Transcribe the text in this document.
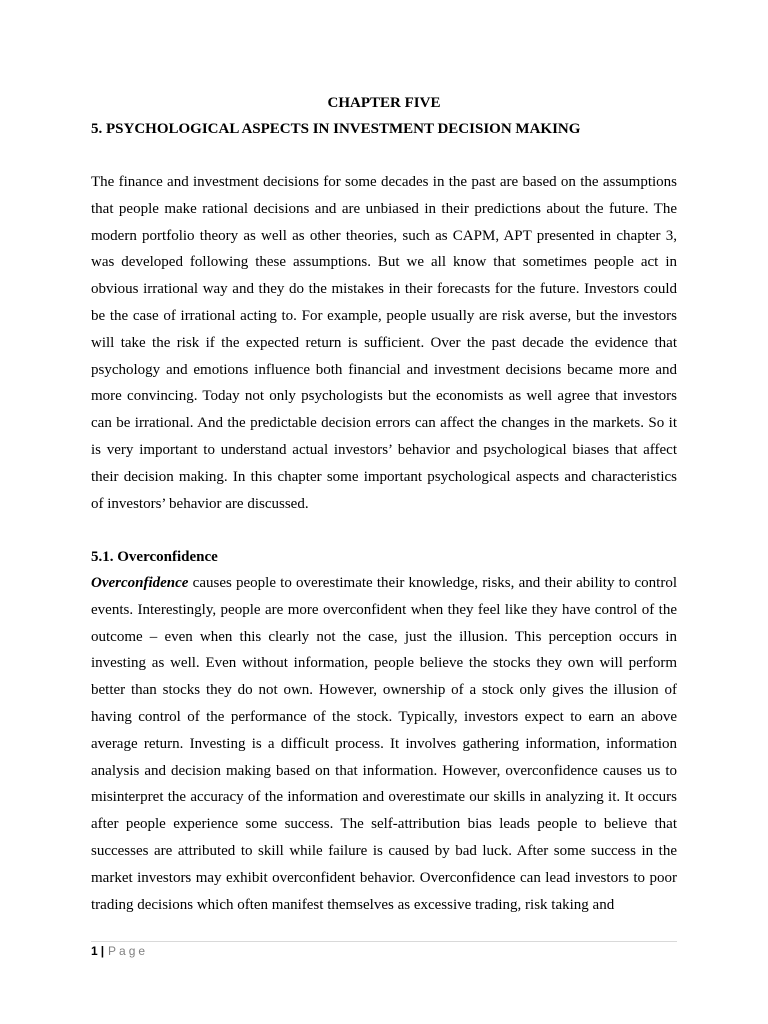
CHAPTER FIVE
5. PSYCHOLOGICAL ASPECTS IN INVESTMENT DECISION MAKING

The finance and investment decisions for some decades in the past are based on the assumptions that people make rational decisions and are unbiased in their predictions about the future. The modern portfolio theory as well as other theories, such as CAPM, APT presented in chapter 3, was developed following these assumptions. But we all know that sometimes people act in obvious irrational way and they do the mistakes in their forecasts for the future. Investors could be the case of irrational acting to. For example, people usually are risk averse, but the investors will take the risk if the expected return is sufficient. Over the past decade the evidence that psychology and emotions influence both financial and investment decisions became more and more convincing. Today not only psychologists but the economists as well agree that investors can be irrational. And the predictable decision errors can affect the changes in the markets. So it is very important to understand actual investors’ behavior and psychological biases that affect their decision making. In this chapter some important psychological aspects and characteristics of investors’ behavior are discussed.

5.1. Overconfidence

Overconfidence causes people to overestimate their knowledge, risks, and their ability to control events. Interestingly, people are more overconfident when they feel like they have control of the outcome – even when this clearly not the case, just the illusion. This perception occurs in investing as well. Even without information, people believe the stocks they own will perform better than stocks they do not own. However, ownership of a stock only gives the illusion of having control of the performance of the stock. Typically, investors expect to earn an above average return. Investing is a difficult process. It involves gathering information, information analysis and decision making based on that information. However, overconfidence causes us to misinterpret the accuracy of the information and overestimate our skills in analyzing it. It occurs after people experience some success. The self-attribution bias leads people to believe that successes are attributed to skill while failure is caused by bad luck. After some success in the market investors may exhibit overconfident behavior. Overconfidence can lead investors to poor trading decisions which often manifest themselves as excessive trading, risk taking and

1 | Page
